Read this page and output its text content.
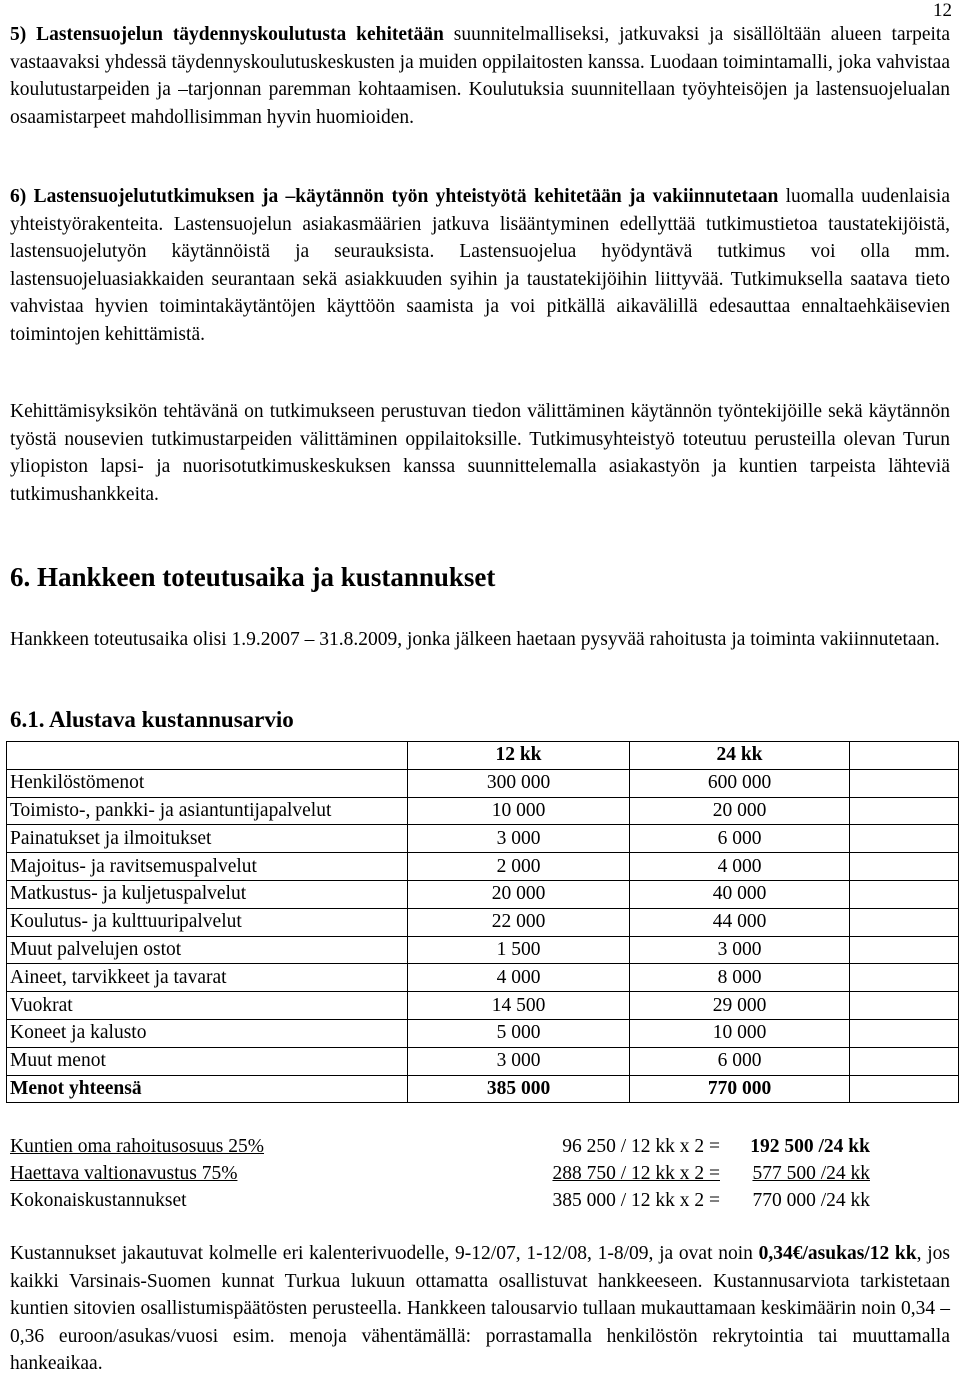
12

5) Lastensuojelun täydennyskoulutusta kehitetään suunnitelmalliseksi, jatkuvaksi ja sisällöltään alueen tarpeita vastaavaksi yhdessä täydennyskoulutuskeskusten ja muiden oppilaitosten kanssa. Luodaan toimintamalli, joka vahvistaa koulutustarpeiden ja –tarjonnan paremman kohtaamisen. Koulutuksia suunnitellaan työyhteisöjen ja lastensuojelualan osaamistarpeet mahdollisimman hyvin huomioiden.

6) Lastensuojelututkimuksen ja –käytännön työn yhteistyötä kehitetään ja vakiinnutetaan luomalla uudenlaisia yhteistyörakenteita. Lastensuojelun asiakasmäärien jatkuva lisääntyminen edellyttää tutkimustietoa taustatekijöistä, lastensuojelutyön käytännöistä ja seurauksista. Lastensuojelua hyödyntävä tutkimus voi olla mm. lastensuojeluasiakkaiden seurantaan sekä asiakkuuden syihin ja taustatekijöihin liittyvää. Tutkimuksella saatava tieto vahvistaa hyvien toimintakäytäntöjen käyttöön saamista ja voi pitkällä aikavälillä edesauttaa ennaltaehkäisevien toimintojen kehittämistä.

Kehittämisyksikön tehtävänä on tutkimukseen perustuvan tiedon välittäminen käytännön työntekijöille sekä käytännön työstä nousevien tutkimustarpeiden välittäminen oppilaitoksille. Tutkimusyhteistyö toteutuu perusteilla olevan Turun yliopiston lapsi- ja nuorisotutkimuskeskuksen kanssa suunnittelemalla asiakastyön ja kuntien tarpeista lähteviä tutkimushankkeita.

6. Hankkeen toteutusaika ja kustannukset

Hankkeen toteutusaika olisi 1.9.2007 – 31.8.2009, jonka jälkeen haetaan pysyvää rahoitusta ja toiminta vakiinnutetaan.

6.1. Alustava kustannusarvio
	12 kk	24 kk	
Henkilöstömenot	300 000	600 000	
Toimisto-, pankki- ja asiantuntijapalvelut	10 000	20 000	
Painatukset ja ilmoitukset	3 000	6 000	
Majoitus- ja ravitsemuspalvelut	2 000	4 000	
Matkustus- ja kuljetuspalvelut	20 000	40 000	
Koulutus- ja kulttuuripalvelut	22 000	44 000	
Muut palvelujen ostot	1 500	3 000	
Aineet, tarvikkeet ja tavarat	4 000	8 000	
Vuokrat	14 500	29 000	
Koneet ja kalusto	5 000	10 000	
Muut menot	3 000	6 000	
Menot yhteensä	385 000	770 000	
Kuntien oma rahoitusosuus 25%	96 250 / 12 kk x 2 =	192 500 /24 kk
Haettava valtionavustus 75%	288 750 / 12 kk x 2 =	577 500 /24 kk
Kokonaiskustannukset	385 000 / 12 kk x 2 =	770 000 /24 kk

Kustannukset jakautuvat kolmelle eri kalenterivuodelle, 9-12/07, 1-12/08, 1-8/09, ja ovat noin 0,34€/asukas/12 kk, jos kaikki Varsinais-Suomen kunnat Turkua lukuun ottamatta osallistuvat hankkeeseen. Kustannusarviota tarkistetaan kuntien sitovien osallistumispäätösten perusteella. Hankkeen talousarvio tullaan mukauttamaan keskimäärin noin 0,34 –0,36 euroon/asukas/vuosi esim. menoja vähentämällä: porrastamalla henkilöstön rekrytointia tai muuttamalla hankeaikaa.
